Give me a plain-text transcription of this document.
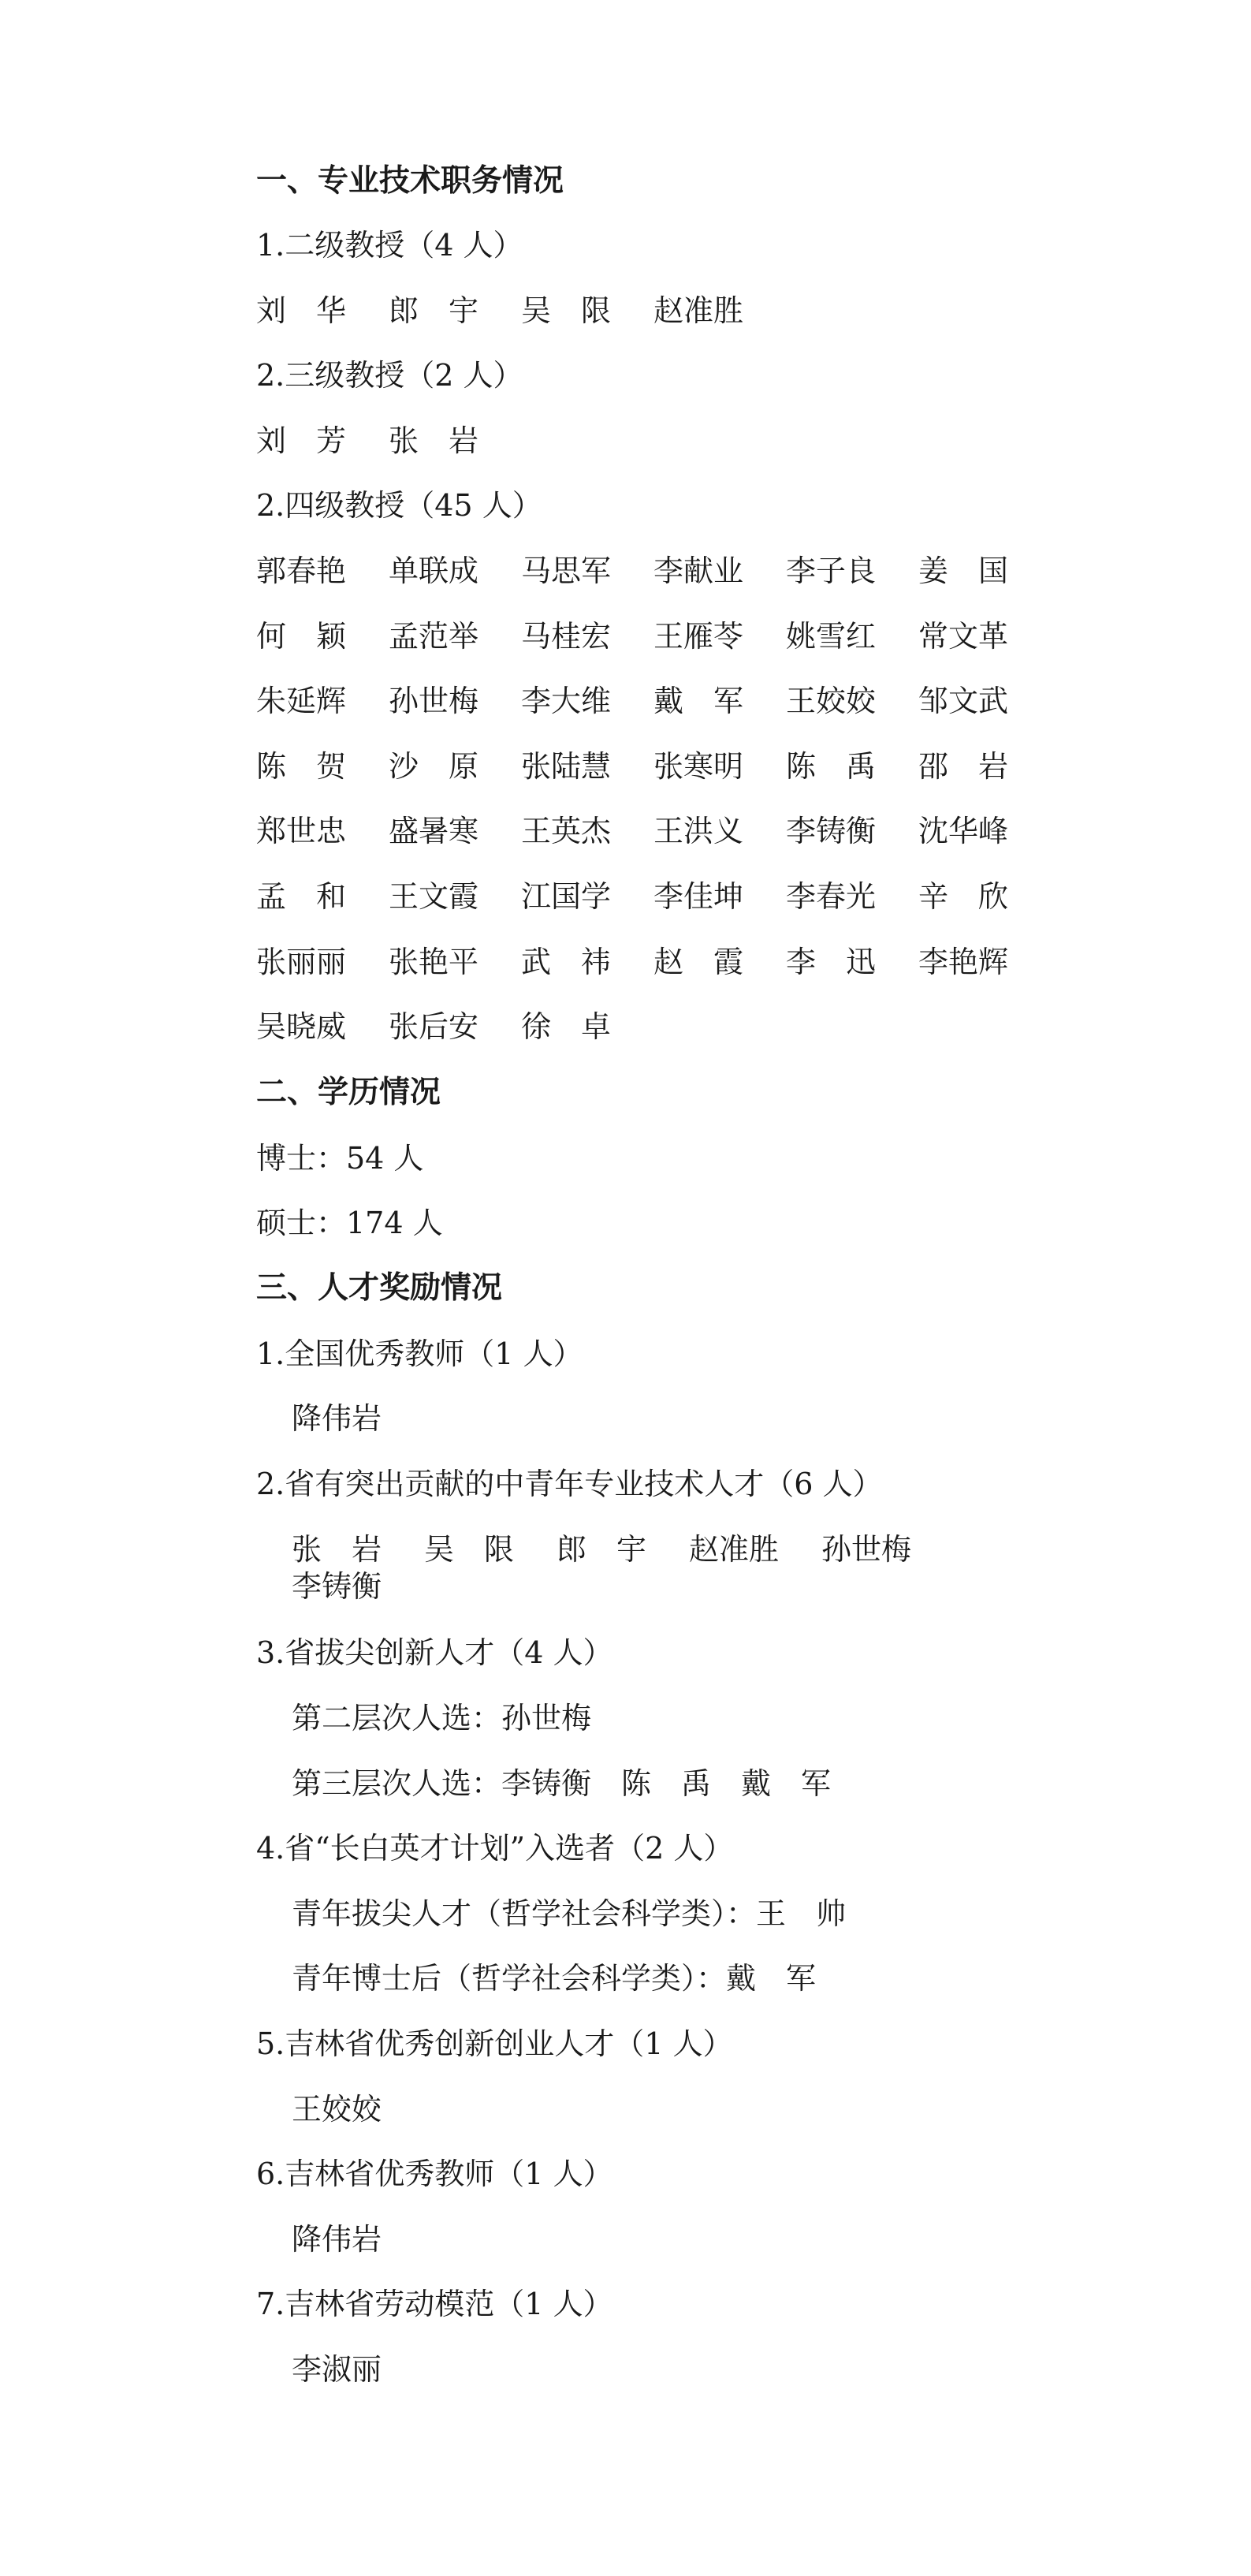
一、专业技术职务情况
1.二级教授（4 人）
刘　华 郎　宇 吴　限 赵准胜
2.三级教授（2 人）
刘　芳 张　岩
2.四级教授（45 人）
郭春艳 单联成 马思军 李献业 李子良 姜　国
何　颖 孟范举 马桂宏 王雁苓 姚雪红 常文革
朱延辉 孙世梅 李大维 戴　军 王姣姣 邹文武
陈　贺 沙　原 张陆慧 张寒明 陈　禹 邵　岩
郑世忠 盛暑寒 王英杰 王洪义 李铸衡 沈华峰
孟　和 王文霞 江国学 李佳坤 李春光 辛　欣
张丽丽 张艳平 武　祎 赵　霞 李　迅 李艳辉
吴晓威 张后安 徐　卓
二、学历情况
博士：54 人
硕士：174 人
三、人才奖励情况
1.全国优秀教师（1 人）
降伟岩
2.省有突出贡献的中青年专业技术人才（6 人）
张　岩 吴　限 郎　宇 赵准胜 孙世梅
李铸衡
3.省拔尖创新人才（4 人）
第二层次人选：孙世梅
第三层次人选：李铸衡　陈　禹　戴　军
4.省“长白英才计划”入选者（2 人）
青年拔尖人才（哲学社会科学类）：王　帅
青年博士后（哲学社会科学类）：戴　军
5.吉林省优秀创新创业人才（1 人）
王姣姣
6.吉林省优秀教师（1 人）
降伟岩
7.吉林省劳动模范（1 人）
李淑丽
